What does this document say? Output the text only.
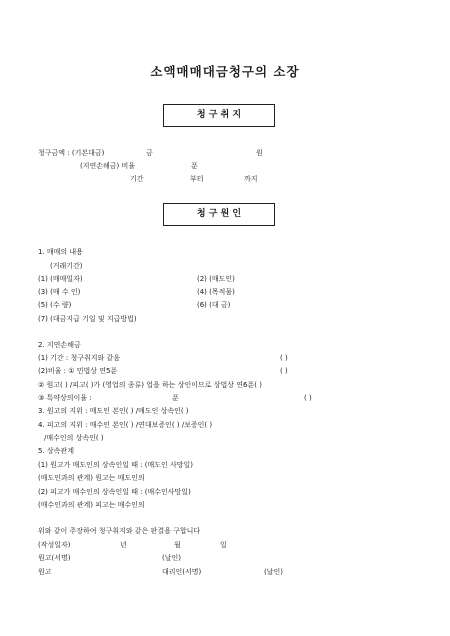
소액매매대금청구의 소장
청 구 취 지
청구금액 : (기본대금)	금	원
(지연손해금) 비율	푼
기간	부터	까지
청 구 원 인
1. 매매의 내용
(거래기간)
(1) (매매일자)	(2) (매도인)
(3) (매 수 인)	(4) (목적물)
(5) (수 량)	(6) (대 금)
(7) (대금지급 기일 및 지급방법)
2. 지연손해금
(1) 기간 : 청구취지와 같음	( )
(2)비율 : ① 민법상 연5푼	( )
② 원고( ) /피고( )가 (영업의 종류) 업을 하는 상인이므로 상법상 연6푼( )
③ 특약상의이율 :	푼	( )
3. 원고의 지위 : 매도인 본인( ) /매도인 상속인( )
4. 피고의 지위 : 매수인 본인( ) /연대보증인( ) /보증인( )
/매수인의 상속인( )
5. 상속관계
(1) 원고가 매도인의 상속인일 때 : (매도인 사망일)
(매도인과의 관계) 원고는 매도인의
(2) 피고가 매수인의 상속인일 때 : (매수인사망일)
(매수인과의 관계) 피고는 매수인의
위와 같이 주장하여 청구취지와 같은 판결을 구합니다
(작성일자)	년	월	일
원고(서명)	(날인)
원고	대리인(서명)	(날인)
